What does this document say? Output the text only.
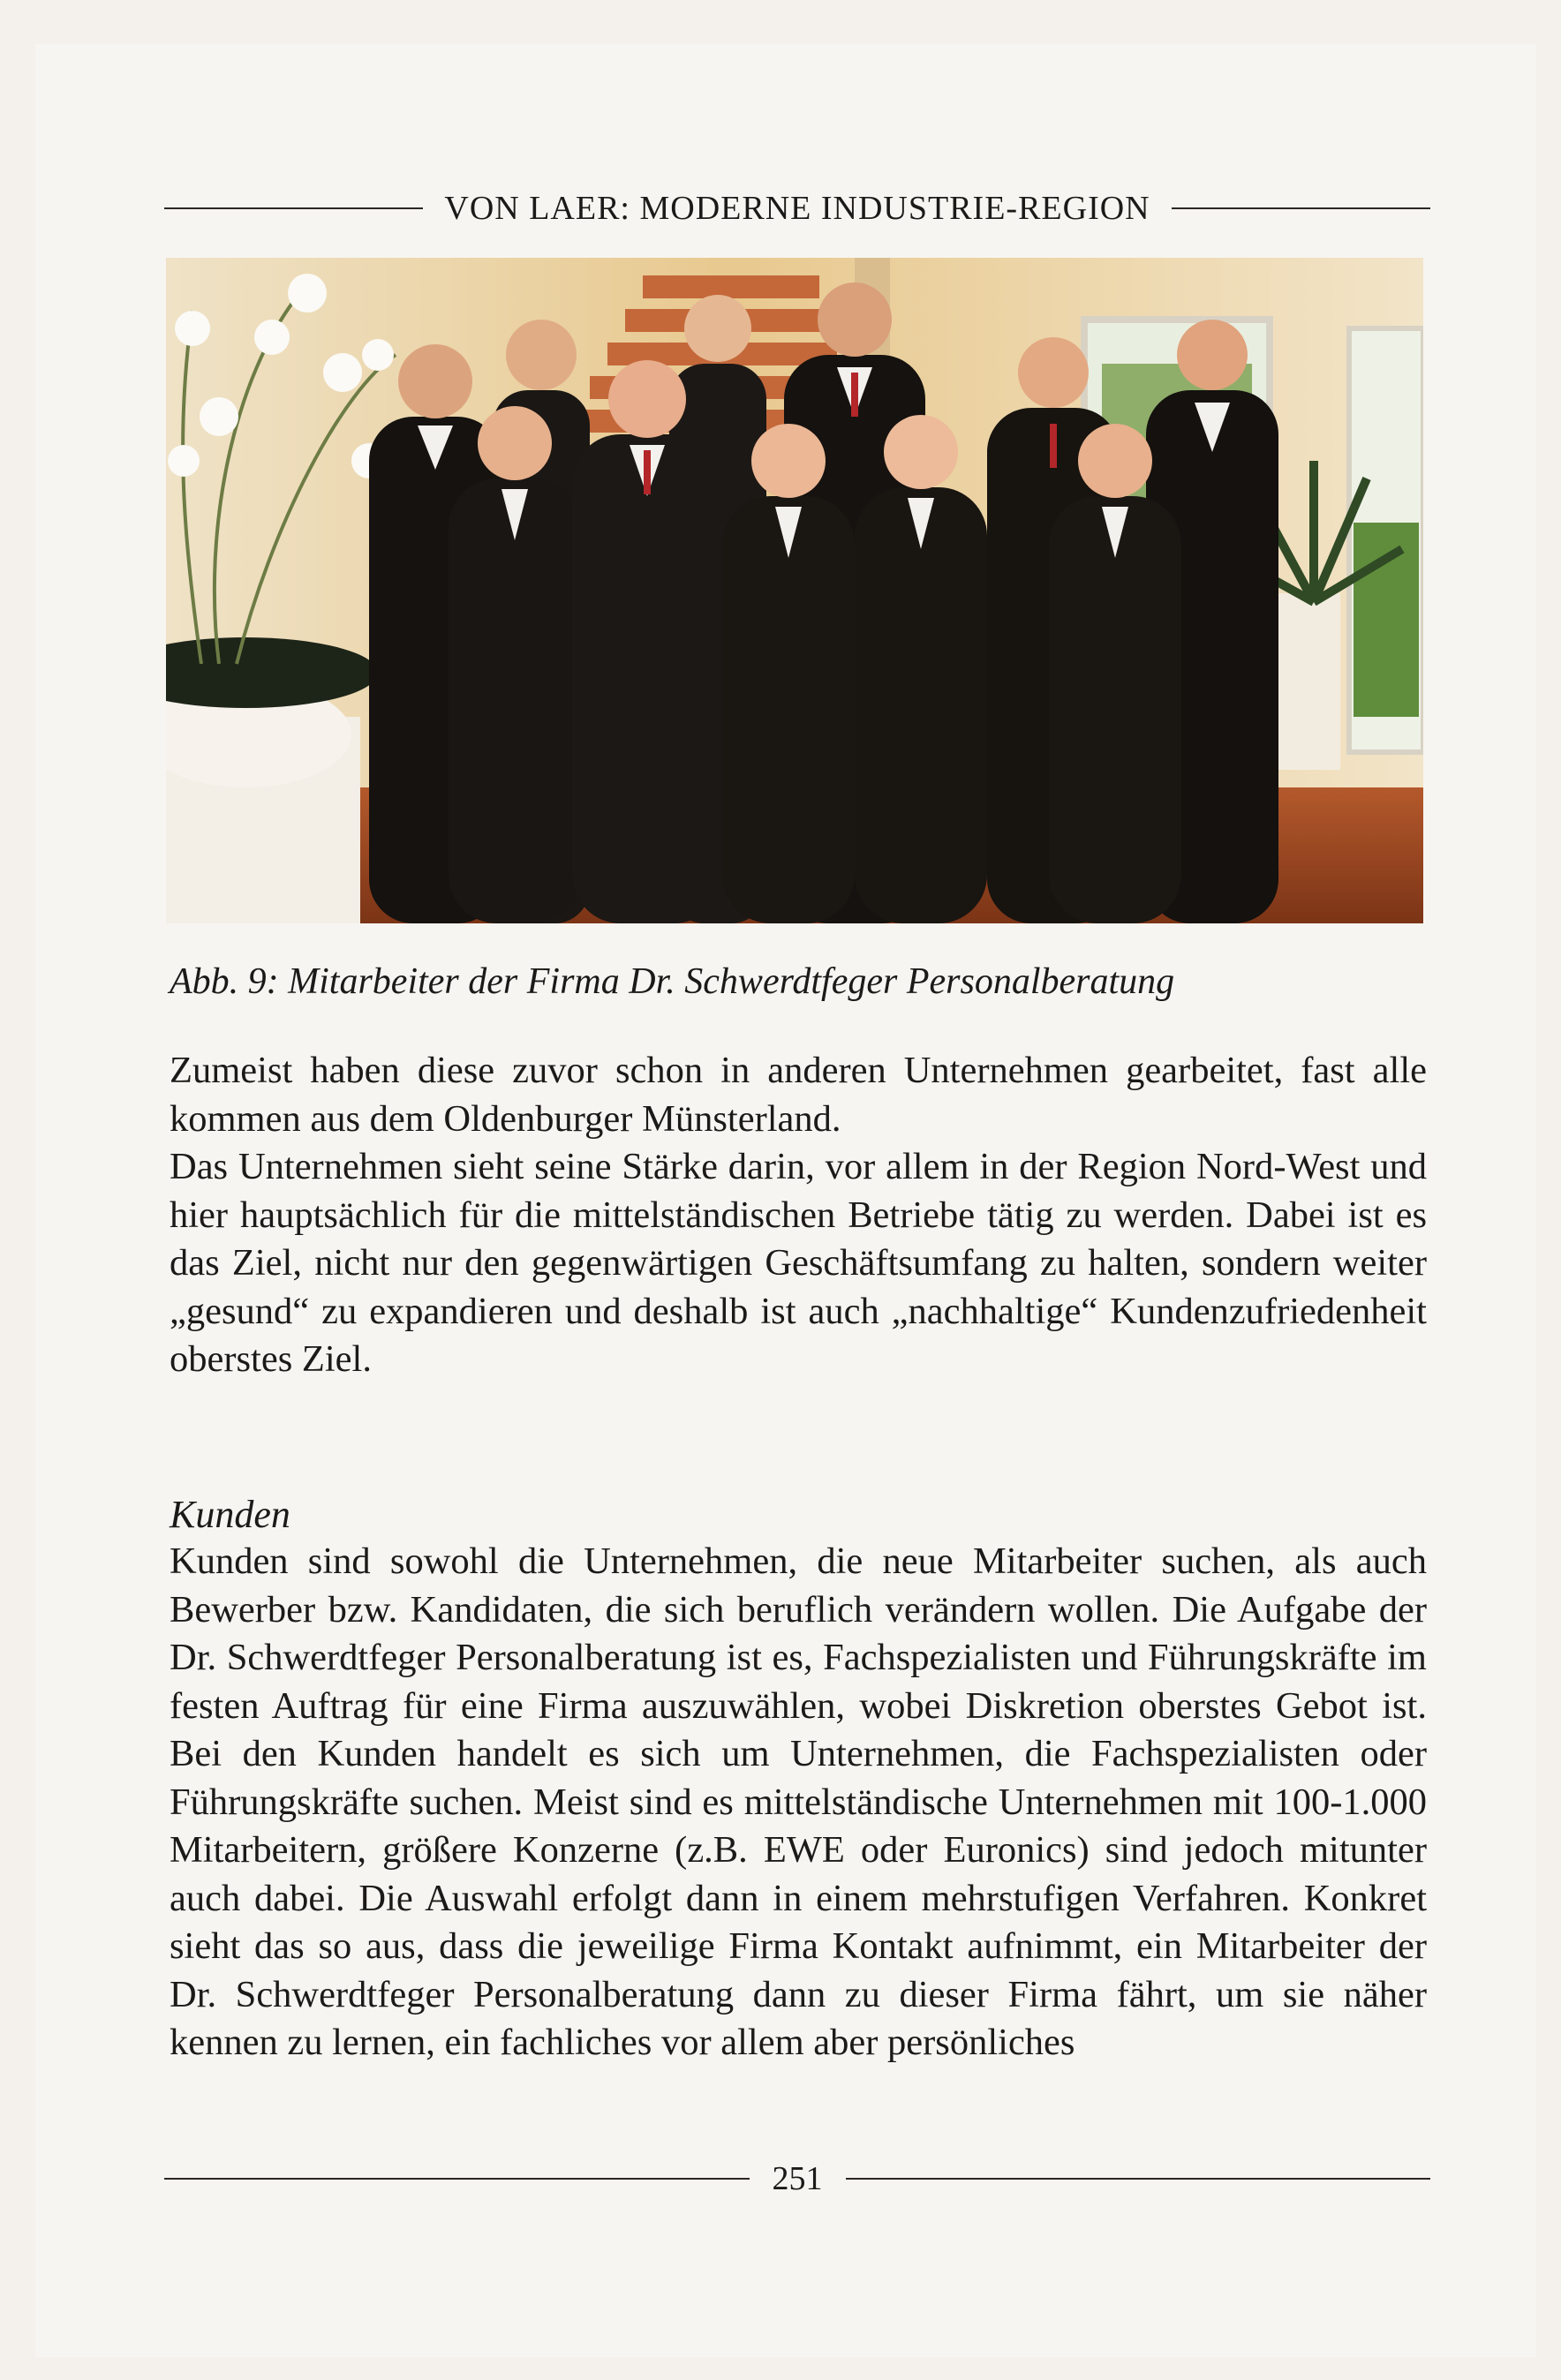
VON LAER: MODERNE INDUSTRIE-REGION
Abb. 9: Mitarbeiter der Firma Dr. Schwerdtfeger Personalberatung

Zumeist haben diese zuvor schon in anderen Unternehmen gearbeitet, fast alle kommen aus dem Oldenburger Münsterland.

Das Unternehmen sieht seine Stärke darin, vor allem in der Region Nord-West und hier hauptsächlich für die mittelständischen Betriebe tätig zu werden. Dabei ist es das Ziel, nicht nur den gegenwärtigen Geschäftsumfang zu halten, sondern weiter „gesund“ zu expandieren und deshalb ist auch „nachhaltige“ Kundenzufriedenheit oberstes Ziel.

Kunden

Kunden sind sowohl die Unternehmen, die neue Mitarbeiter suchen, als auch Bewerber bzw. Kandidaten, die sich beruflich verändern wollen. Die Aufgabe der Dr. Schwerdtfeger Personalberatung ist es, Fachspezialisten und Führungskräfte im festen Auftrag für eine Firma auszuwählen, wobei Diskretion oberstes Gebot ist. Bei den Kunden handelt es sich um Unternehmen, die Fachspezialisten oder Führungskräfte suchen. Meist sind es mittelständische Unternehmen mit 100-1.000 Mitarbeitern, größere Konzerne (z.B. EWE oder Euronics) sind jedoch mitunter auch dabei. Die Auswahl erfolgt dann in einem mehrstufigen Verfahren. Konkret sieht das so aus, dass die jeweilige Firma Kontakt aufnimmt, ein Mitarbeiter der Dr. Schwerdtfeger Personalberatung dann zu dieser Firma fährt, um sie näher kennen zu lernen, ein fachliches vor allem aber persönliches

251
